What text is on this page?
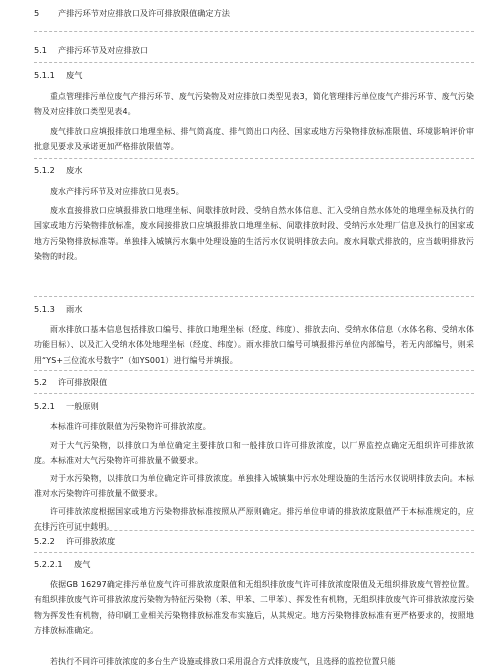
5	产排污环节对应排放口及许可排放限值确定方法
5.1	产排污环节及对应排放口
5.1.1	废气

重点管理排污单位废气产排污环节、废气污染物及对应排放口类型见表3，简化管理排污单位废气产排污环节、废气污染物及对应排放口类型见表4。

废气排放口应填报排放口地理坐标、排气筒高度、排气筒出口内径、国家或地方污染物排放标准限值、环境影响评价审批意见要求及承诺更加严格排放限值等。

5.1.2	废水

废水产排污环节及对应排放口见表5。

废水直接排放口应填报排放口地理坐标、间歇排放时段、受纳自然水体信息、汇入受纳自然水体处的地理坐标及执行的国家或地方污染物排放标准，废水间接排放口应填报排放口地理坐标、间歇排放时段、受纳污水处理厂信息及执行的国家或地方污染物排放标准等。单独排入城镇污水集中处理设施的生活污水仅说明排放去向。废水间歇式排放的，应当载明排放污染物的时段。

5.1.3	雨水

雨水排放口基本信息包括排放口编号、排放口地理坐标（经度、纬度）、排放去向、受纳水体信息（水体名称、受纳水体功能目标）、以及汇入受纳水体处地理坐标（经度、纬度）。雨水排放口编号可填报排污单位内部编号，若无内部编号，则采用“YS+三位流水号数字”（如YS001）进行编号并填报。

5.2	许可排放限值
5.2.1	一般原则

本标准许可排放限值为污染物许可排放浓度。

对于大气污染物，以排放口为单位确定主要排放口和一般排放口许可排放浓度，以厂界监控点确定无组织许可排放浓度。本标准对大气污染物许可排放量不做要求。

对于水污染物，以排放口为单位确定许可排放浓度。单独排入城镇集中污水处理设施的生活污水仅说明排放去向。本标准对水污染物许可排放量不做要求。

许可排放浓度根据国家或地方污染物排放标准按照从严原则确定。排污单位申请的排放浓度限值严于本标准规定的，应在排污许可证中载明。

5.2.2	许可排放浓度
5.2.2.1	废气

依据GB 16297确定排污单位废气许可排放浓度限值和无组织排放废气许可排放浓度限值及无组织排放废气管控位置。有组织排放废气许可排放浓度污染物为特征污染物（苯、甲苯、二甲苯）、挥发性有机物，无组织排放废气许可排放浓度污染物为挥发性有机物，待印刷工业相关污染物排放标准发布实施后，从其规定。地方污染物排放标准有更严格要求的，按照地方排放标准确定。

若执行不同许可排放浓度的多台生产设施或排放口采用混合方式排放废气，且选择的监控位置只能
